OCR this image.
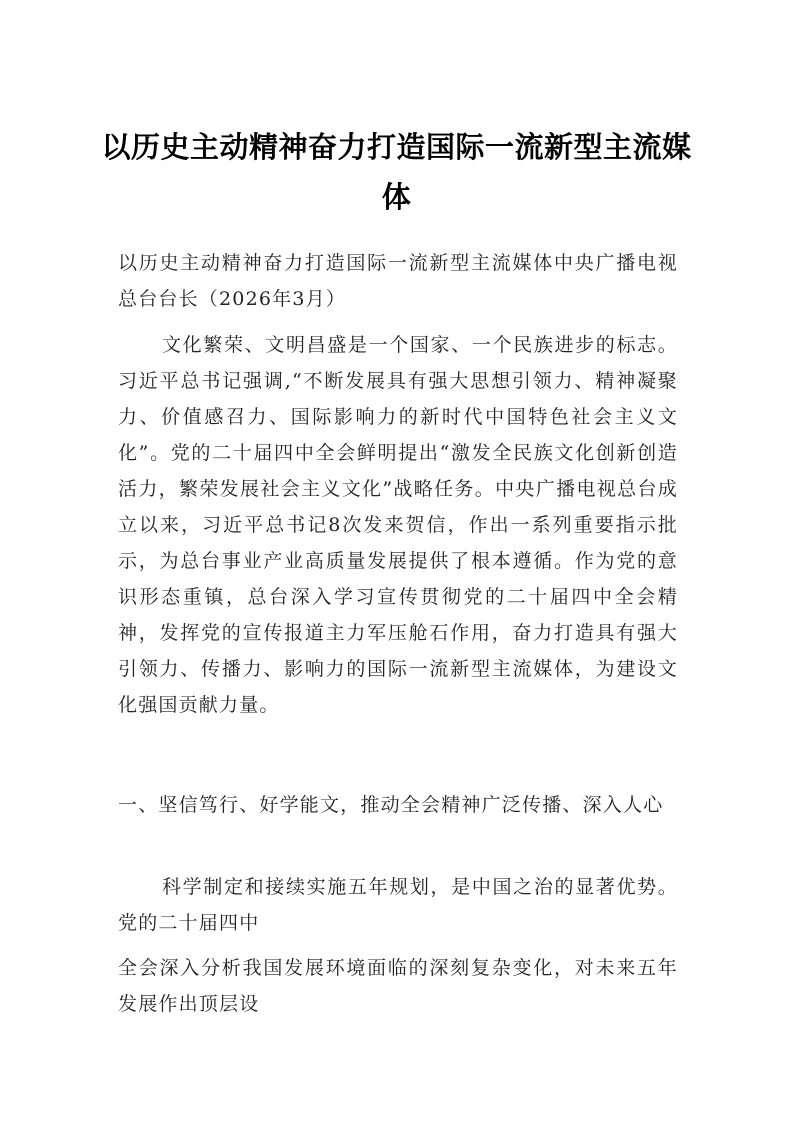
以历史主动精神奋力打造国际一流新型主流媒体

以历史主动精神奋力打造国际一流新型主流媒体中央广播电视总台台长（2026年3月）

文化繁荣、文明昌盛是一个国家、一个民族进步的标志。习近平总书记强调,“不断发展具有强大思想引领力、精神凝聚力、价值感召力、国际影响力的新时代中国特色社会主义文化”。党的二十届四中全会鲜明提出“激发全民族文化创新创造活力，繁荣发展社会主义文化”战略任务。中央广播电视总台成立以来，习近平总书记8次发来贺信，作出一系列重要指示批示，为总台事业产业高质量发展提供了根本遵循。作为党的意识形态重镇，总台深入学习宣传贯彻党的二十届四中全会精神，发挥党的宣传报道主力军压舱石作用，奋力打造具有强大引领力、传播力、影响力的国际一流新型主流媒体，为建设文化强国贡献力量。

一、坚信笃行、好学能文，推动全会精神广泛传播、深入人心

科学制定和接续实施五年规划，是中国之治的显著优势。党的二十届四中

全会深入分析我国发展环境面临的深刻复杂变化，对未来五年发展作出顶层设
